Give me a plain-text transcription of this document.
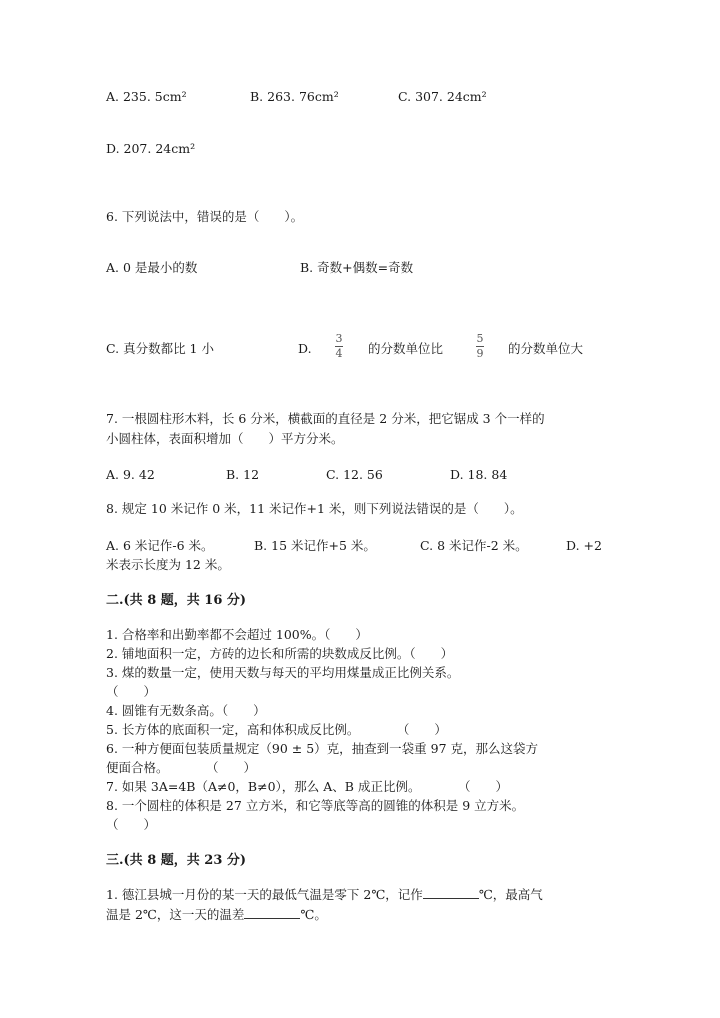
A. 235. 5cm²	B. 263. 76cm²	C. 307. 24cm²
D. 207. 24cm²
6. 下列说法中，错误的是（　　）。
A. 0 是最小的数	B. 奇数+偶数=奇数
C. 真分数都比 1 小	D.
3
4 的分数单位比
5
9 的分数单位大
7. 一根圆柱形木料，长 6 分米，横截面的直径是 2 分米，把它锯成 3 个一样的
小圆柱体，表面积增加（　　）平方分米。
A. 9. 42	B. 12	C. 12. 56	D. 18. 84
8. 规定 10 米记作 0 米，11 米记作+1 米，则下列说法错误的是（　　）。
A. 6 米记作-6 米。	B. 15 米记作+5 米。	C. 8 米记作-2 米。	D. +2
米表示长度为 12 米。
二.(共 8 题，共 16 分)
1. 合格率和出勤率都不会超过 100%。（　　）
2. 铺地面积一定，方砖的边长和所需的块数成反比例。（　　）
3. 煤的数量一定，使用天数与每天的平均用煤量成正比例关系。
（　　）
4. 圆锥有无数条高。（　　）
5. 长方体的底面积一定，高和体积成反比例。　　　　（　　）
6. 一种方便面包装质量规定（90 ± 5）克，抽查到一袋重 97 克，那么这袋方
便面合格。　　　　（　　）
7. 如果 3A=4B（A≠0，B≠0），那么 A、B 成正比例。　　　　（　　）
8. 一个圆柱的体积是 27 立方米，和它等底等高的圆锥的体积是 9 立方米。
（　　）
三.(共 8 题，共 23 分)
1. 德江县城一月份的某一天的最低气温是零下 2℃，记作	℃，最高气
温是 2℃，这一天的温差	℃。
